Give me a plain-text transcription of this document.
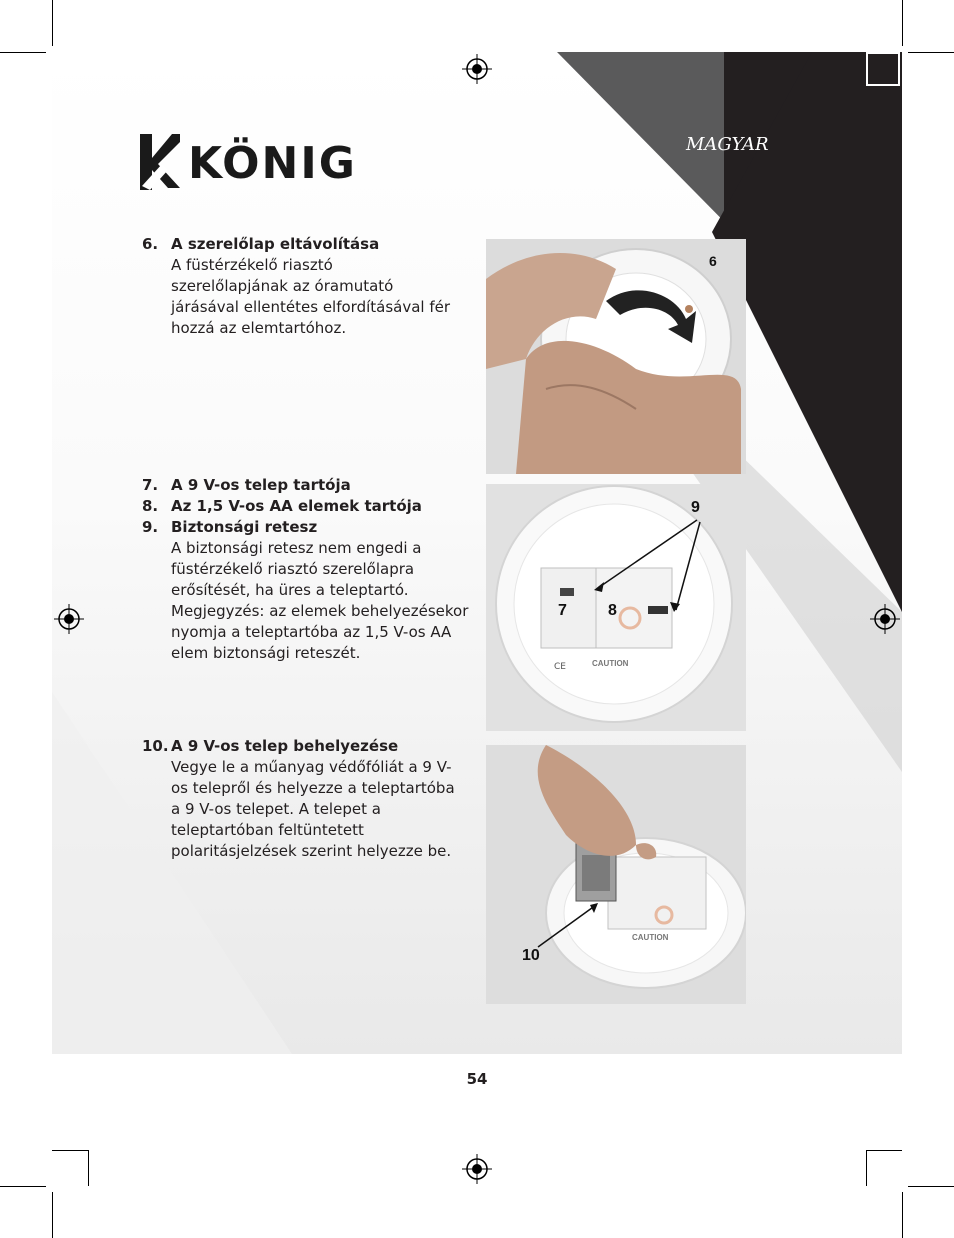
KÖNIG	MAGYAR
6. A szerelőlap eltávolítása
A füstérzékelő riasztó szerelőlapjának az óramutató járásával ellentétes elfordításával fér hozzá az elemtartóhoz.
7. A 9 V-os telep tartója
8. Az 1,5 V-os AA elemek tartója
9. Biztonsági retesz
A biztonsági retesz nem engedi a füstérzékelő riasztó szerelőlapra erősítését, ha üres a teleptartó. Megjegyzés: az elemek behelyezésekor nyomja a teleptartóba az 1,5 V-os AA elem biztonsági reteszét.
10. A 9 V-os telep behelyezése
Vegye le a műanyag védőfóliát a 9 V-os telepről és helyezze a teleptartóba a 9 V-os telepet. A telepet a teleptartóban feltüntetett polaritásjelzések szerint helyezze be.
6
CE
7	8
9
CAUTION
10
CAUTION
54
